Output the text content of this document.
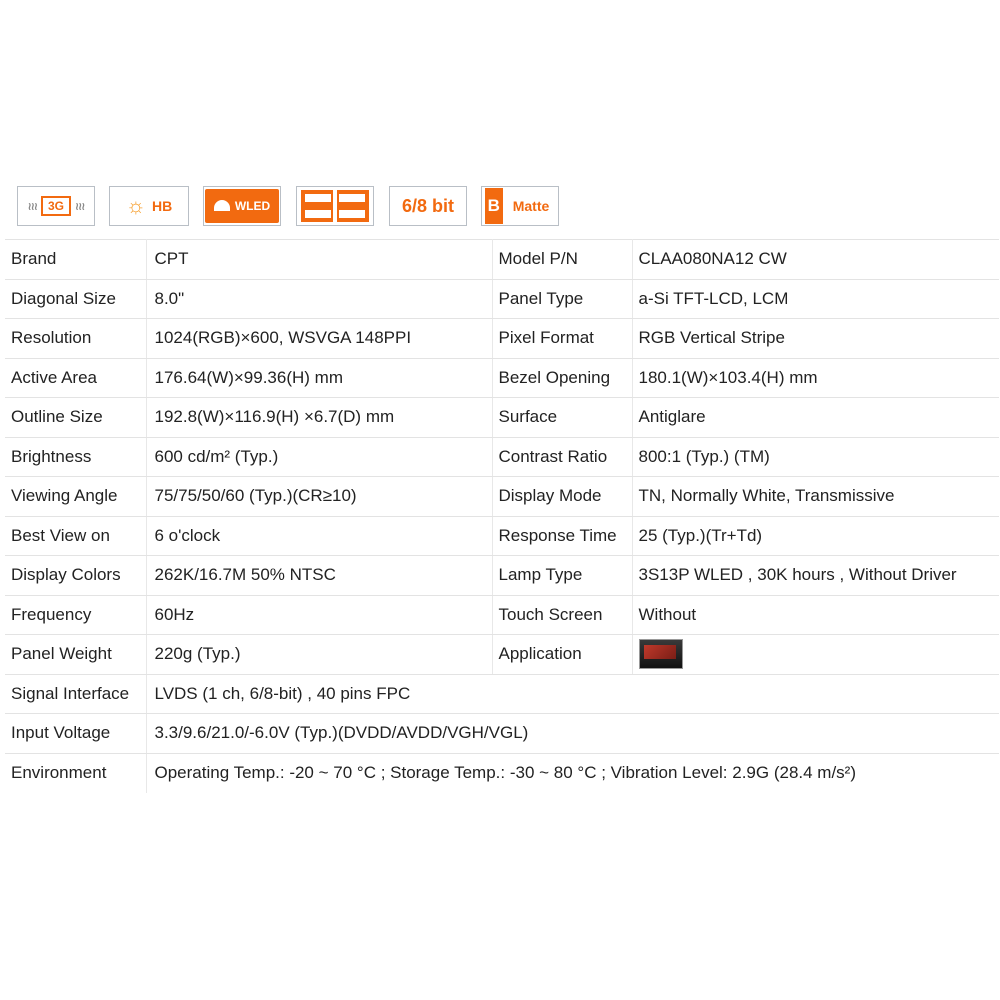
≀≀≀ 3G	≀≀≀ ☼ HB	WLED	6/8 bit B Matte
Brand	CPT	Model P/N	CLAA080NA12 CW
Diagonal Size	8.0"	Panel Type	a-Si TFT-LCD, LCM
Resolution	1024(RGB)×600, WSVGA 148PPI	Pixel Format	RGB Vertical Stripe
Active Area	176.64(W)×99.36(H) mm	Bezel Opening	180.1(W)×103.4(H) mm
Outline Size	192.8(W)×116.9(H) ×6.7(D) mm	Surface	Antiglare
Brightness	600 cd/m² (Typ.)	Contrast Ratio	800:1 (Typ.) (TM)
Viewing Angle	75/75/50/60 (Typ.)(CR≥10)	Display Mode	TN, Normally White, Transmissive
Best View on	6 o'clock	Response Time	25 (Typ.)(Tr+Td)
Display Colors	262K/16.7M 50% NTSC	Lamp Type	3S13P WLED , 30K hours , Without Driver
Frequency	60Hz	Touch Screen	Without
Panel Weight	220g (Typ.)	Application	

Signal Interface	LVDS (1 ch, 6/8-bit) , 40 pins FPC		
Input Voltage	3.3/9.6/21.0/-6.0V (Typ.)(DVDD/AVDD/VGH/VGL)		
Environment	Operating Temp.: -20 ~ 70 °C ; Storage Temp.: -30 ~ 80 °C ; Vibration Level: 2.9G (28.4 m/s²)		
